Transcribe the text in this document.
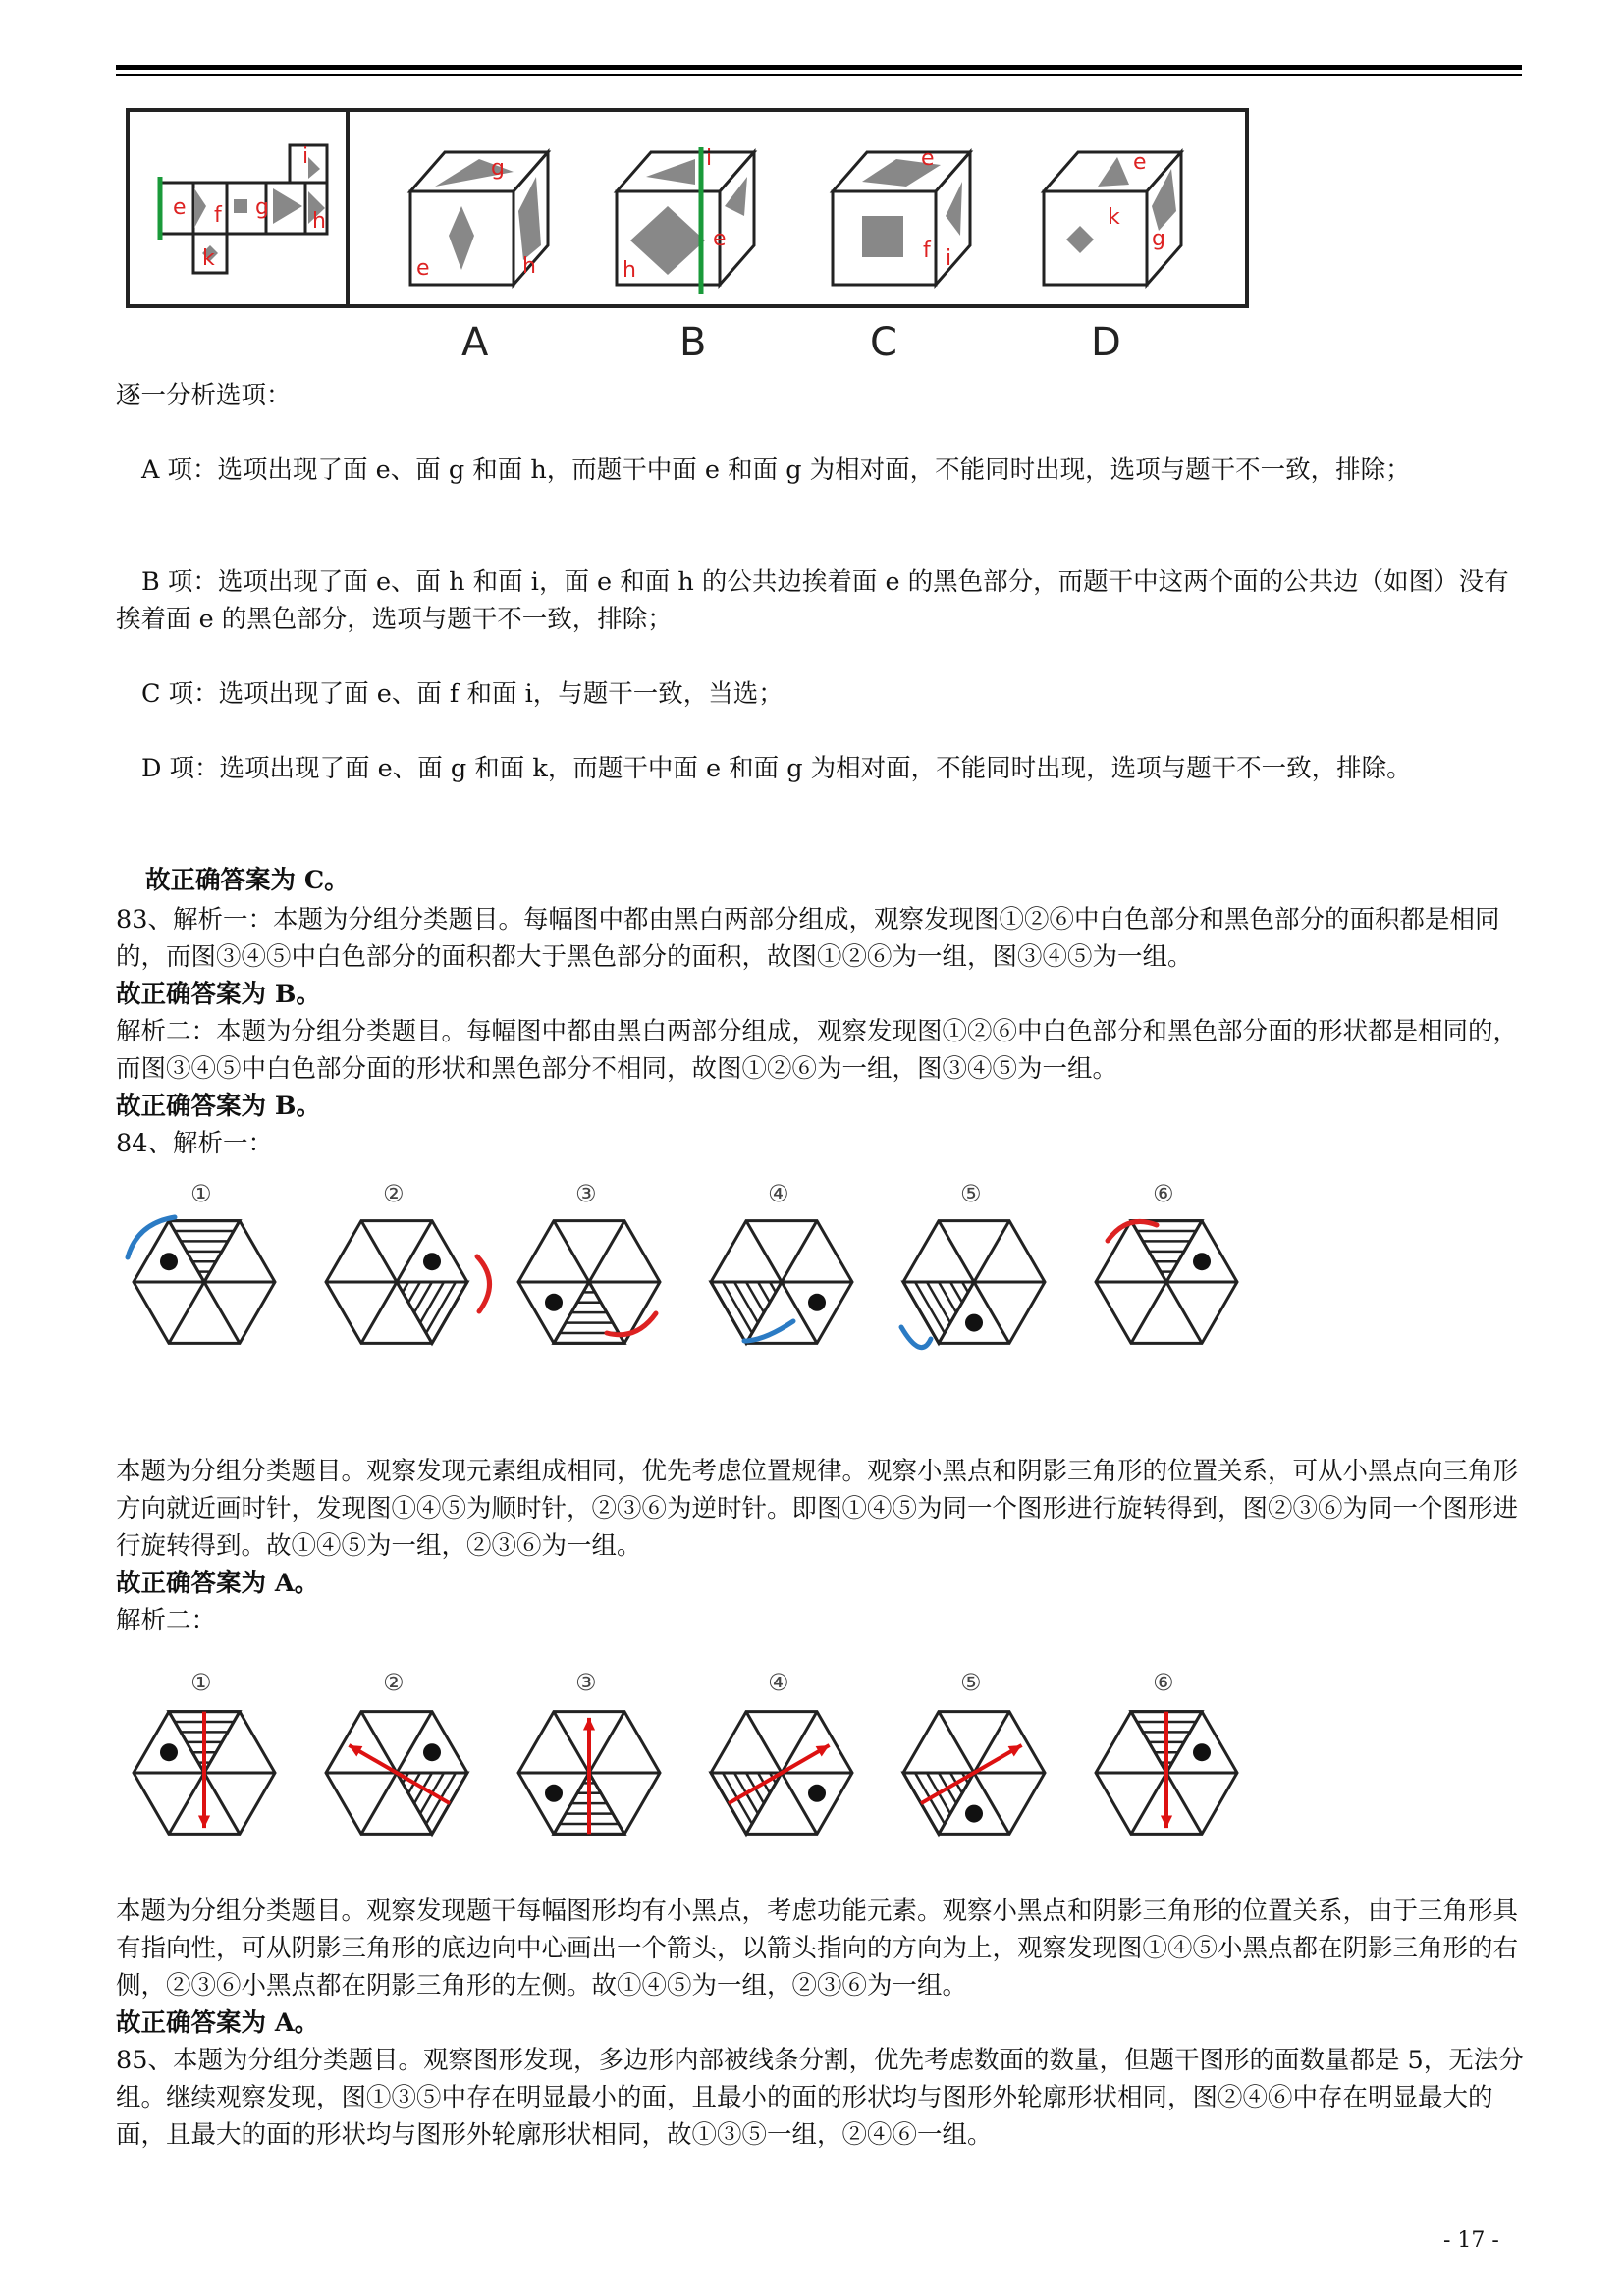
i
e f g
h
k
g
e	h
i
h
e
e
f i
e
k
g
A	B	C	D

逐一分析选项：

A 项：选项出现了面 e、面 g 和面 h，而题干中面 e 和面 g 为相对面，不能同时出现，选项与题干不一致，排除；

B 项：选项出现了面 e、面 h 和面 i，面 e 和面 h 的公共边挨着面 e 的黑色部分，而题干中这两个面的公共边（如图）没有挨着面 e 的黑色部分，选项与题干不一致，排除；

C 项：选项出现了面 e、面 f 和面 i，与题干一致，当选；

D 项：选项出现了面 e、面 g 和面 k，而题干中面 e 和面 g 为相对面，不能同时出现，选项与题干不一致，排除。

故正确答案为 C。

83、解析一：本题为分组分类题目。每幅图中都由黑白两部分组成，观察发现图①②⑥中白色部分和黑色部分的面积都是相同的，而图③④⑤中白色部分的面积都大于黑色部分的面积，故图①②⑥为一组，图③④⑤为一组。

故正确答案为 B。

解析二：本题为分组分类题目。每幅图中都由黑白两部分组成，观察发现图①②⑥中白色部分和黑色部分面的形状都是相同的，而图③④⑤中白色部分面的形状和黑色部分不相同，故图①②⑥为一组，图③④⑤为一组。

故正确答案为 B。

84、解析一：

①	②	③	④	⑤	⑥

本题为分组分类题目。观察发现元素组成相同，优先考虑位置规律。观察小黑点和阴影三角形的位置关系，可从小黑点向三角形方向就近画时针，发现图①④⑤为顺时针，②③⑥为逆时针。即图①④⑤为同一个图形进行旋转得到，图②③⑥为同一个图形进行旋转得到。故①④⑤为一组，②③⑥为一组。

故正确答案为 A。

解析二：

①	②	③	④	⑤	⑥

本题为分组分类题目。观察发现题干每幅图形均有小黑点，考虑功能元素。观察小黑点和阴影三角形的位置关系，由于三角形具有指向性，可从阴影三角形的底边向中心画出一个箭头，以箭头指向的方向为上，观察发现图①④⑤小黑点都在阴影三角形的右侧，②③⑥小黑点都在阴影三角形的左侧。故①④⑤为一组，②③⑥为一组。

故正确答案为 A。

85、本题为分组分类题目。观察图形发现，多边形内部被线条分割，优先考虑数面的数量，但题干图形的面数量都是 5，无法分组。继续观察发现，图①③⑤中存在明显最小的面，且最小的面的形状均与图形外轮廓形状相同，图②④⑥中存在明显最大的面，且最大的面的形状均与图形外轮廓形状相同，故①③⑤一组，②④⑥一组。

- 17 -
